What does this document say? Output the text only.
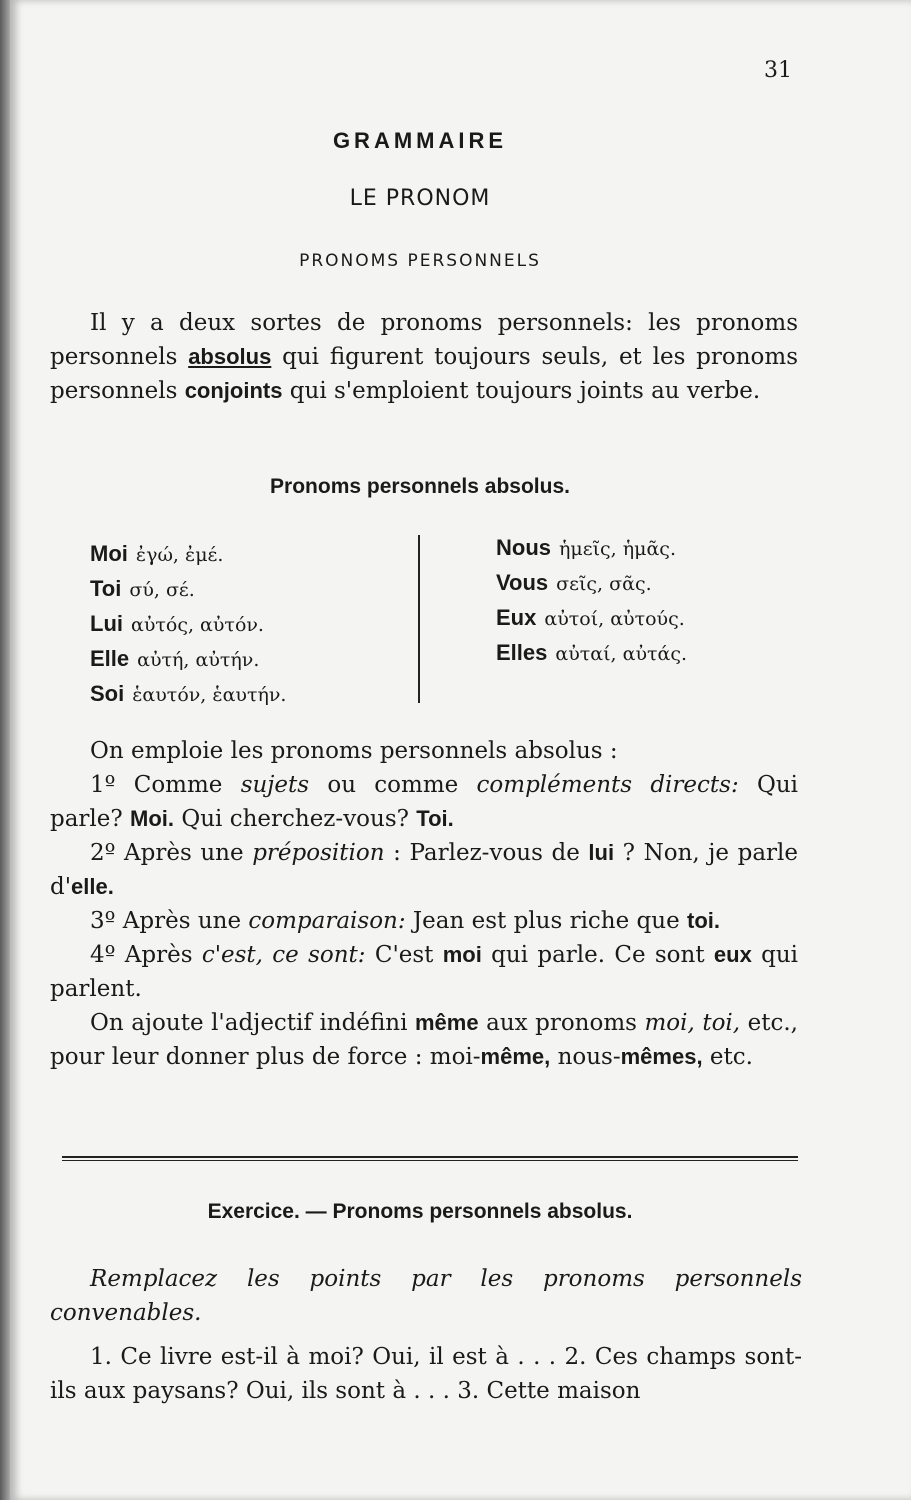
31
GRAMMAIRE
LE PRONOM
PRONOMS PERSONNELS

Il y a deux sortes de pronoms personnels: les pronoms personnels absolus qui figurent toujours seuls, et les pronoms personnels conjoints qui s'emploient toujours joints au verbe.

Pronoms personnels absolus.
Moi ἐγώ, ἐμέ.
Toi σύ, σέ.
Lui αὐτός, αὐτόν.
Elle αὐτή, αὐτήν.
Soi ἑαυτόν, ἑαυτήν.
Nous ἡμεῖς, ἡμᾶς.
Vous σεῖς, σᾶς.
Eux αὐτοί, αὐτούς.
Elles αὐταί, αὐτάς.

On emploie les pronoms personnels absolus :

1º Comme sujets ou comme compléments directs: Qui parle? Moi. Qui cherchez-vous? Toi.

2º Après une préposition : Parlez-vous de lui ? Non, je parle d'elle.

3º Après une comparaison: Jean est plus riche que toi.

4º Après c'est, ce sont: C'est moi qui parle. Ce sont eux qui parlent.

On ajoute l'adjectif indéfini même aux pronoms moi, toi, etc., pour leur donner plus de force : moi-même, nous-mêmes, etc.

Exercice. — Pronoms personnels absolus.

Remplacez les points par les pronoms personnels convenables.

1. Ce livre est-il à moi? Oui, il est à . . . 2. Ces champs sont-ils aux paysans? Oui, ils sont à . . . 3. Cette maison
